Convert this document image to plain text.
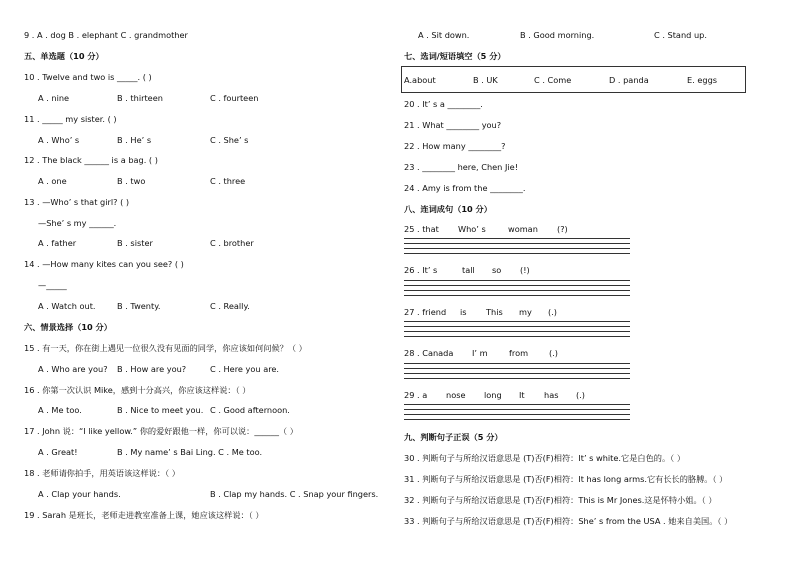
9 . A . dog B . elephant C . grandmother
五、单选题（10 分）
10 . Twelve and two is _____. ( )
A . nine	B . thirteen	C . fourteen
11 . _____ my sister. ( )
A . Who’ s	B . He’ s	C . She’ s
12 . The black ______ is a bag. ( )
A . one	B . two	C . three
13 . —Who’ s that girl? ( )
—She’ s my ______.
A . father	B . sister	C . brother
14 . —How many kites can you see? ( )
—_____
A . Watch out.	B . Twenty.	C . Really.
六、情景选择（10 分）
15 . 有一天，你在街上遇见一位很久没有见面的同学，你应该如何问候？（ ）
A . Who are you? B . How are you?	C . Here you are.
16 . 你第一次认识 Mike，感到十分高兴，你应该这样说：（ ）
A . Me too.	B . Nice to meet you. C . Good afternoon.
17 . John 说：“I like yellow.” 你的爱好跟他一样，你可以说：______（ ）
A . Great!	B . My name’ s Bai Ling. C . Me too.
18 . 老师请你拍手，用英语该这样说：（ ）
A . Clap your hands.	B . Clap my hands. C . Snap your fingers.
19 . Sarah 是班长，老师走进教室准备上课，她应该这样说：（ ）
A . Sit down.	B . Good morning.	C . Stand up.
七、选词/短语填空（5 分）
A.about	B . UK	C . Come	D . panda	E. eggs
20 . It’ s a ________.
21 . What ________ you?
22 . How many ________?
23 . ________ here, Chen Jie!
24 . Amy is from the ________.
八、连词成句（10 分）
25 . that Who’ s	woman (?)
26 . It’ s	tall so (!)
27 . friend is This my (.)
28 . Canada I’ m	from	(.)
29 . a nose long It has (.)
九、判断句子正误（5 分）
30 . 判断句子与所给汉语意思是 (T)否(F)相符：It’ s white.它是白色的。（ ）
31 . 判断句子与所给汉语意思是 (T)否(F)相符：It has long arms.它有长长的胳膊。（ ）
32 . 判断句子与所给汉语意思是 (T)否(F)相符：This is Mr Jones.这是怀特小姐。（ ）
33 . 判断句子与所给汉语意思是 (T)否(F)相符：She’ s from the USA . 她来自美国。（ ）
